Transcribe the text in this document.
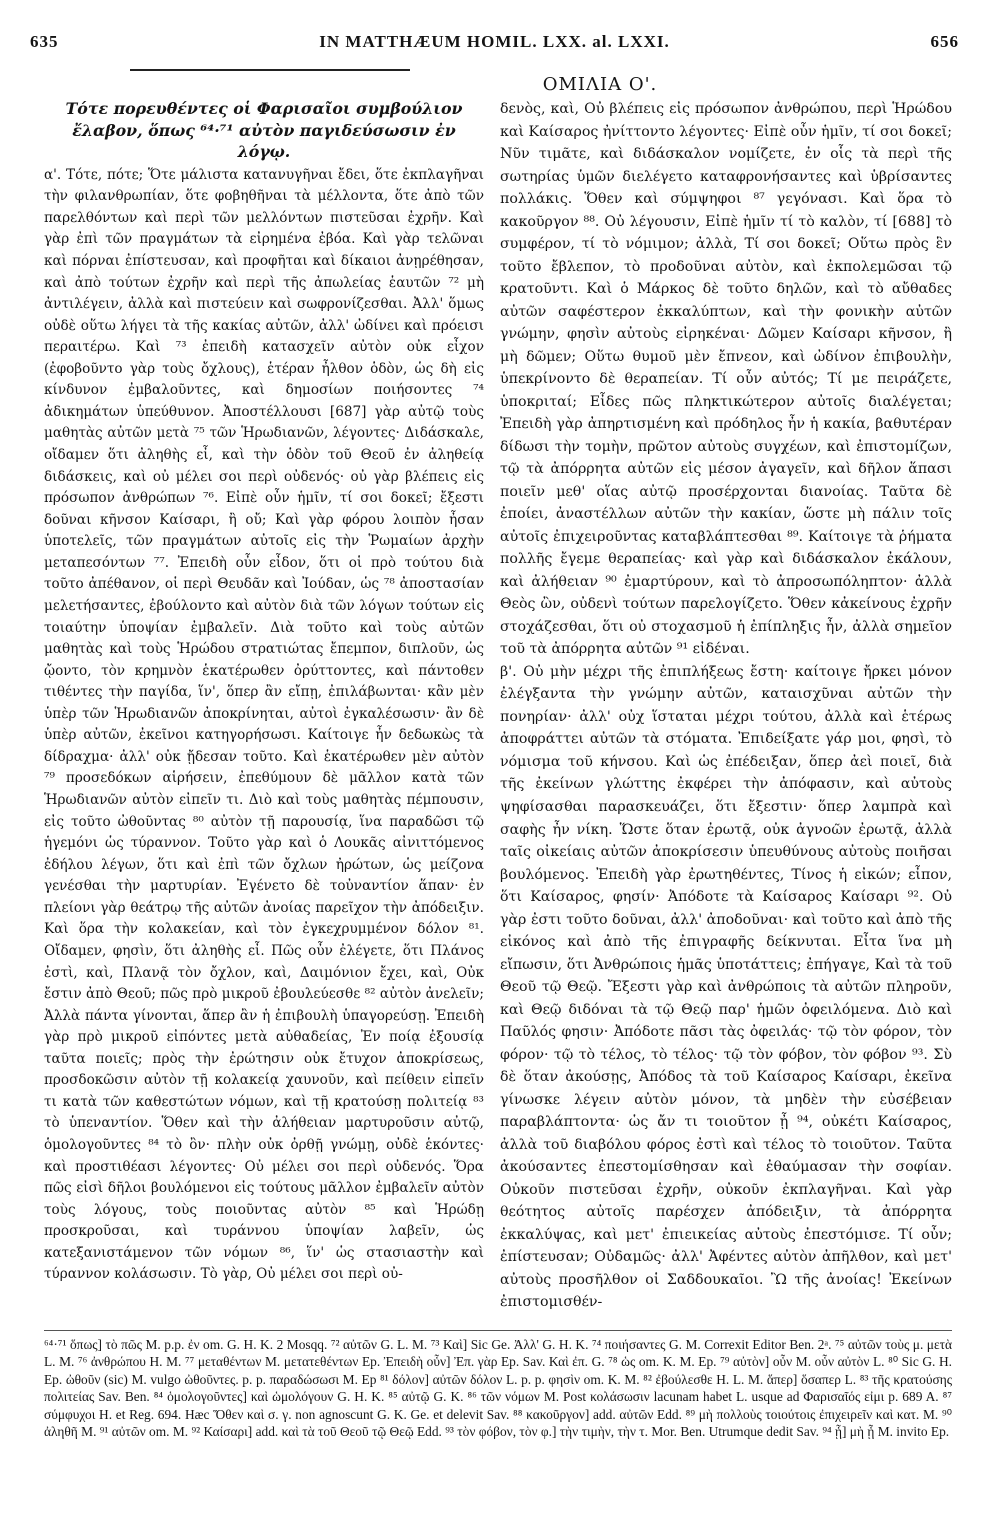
635	IN MATTHÆUM HOMIL. LXX. al. LXXI.	656
ΟΜΙΛΙΑ Ο'.
Τότε πορευθέντες οἱ Φαρισαῖοι συμβούλιον ἔλαβον, ὅπως ⁶⁴·⁷¹ αὐτὸν παγιδεύσωσιν ἐν λόγῳ.

α'. Τότε, πότε; Ὅτε μάλιστα κατανυγῆναι ἔδει, ὅτε ἐκπλαγῆναι τὴν φιλανθρωπίαν, ὅτε φοβηθῆναι τὰ μέλλοντα, ὅτε ἀπὸ τῶν παρελθόντων καὶ περὶ τῶν μελλόντων πιστεῦσαι ἐχρῆν. Καὶ γὰρ ἐπὶ τῶν πραγμάτων τὰ εἰρημένα ἐβόα. Καὶ γὰρ τελῶναι καὶ πόρναι ἐπίστευσαν, καὶ προφῆται καὶ δίκαιοι ἀνῃρέθησαν, καὶ ἀπὸ τούτων ἐχρῆν καὶ περὶ τῆς ἀπωλείας ἑαυτῶν ⁷² μὴ ἀντιλέγειν, ἀλλὰ καὶ πιστεύειν καὶ σωφρονίζεσθαι. Ἀλλ' ὅμως οὐδὲ οὕτω λήγει τὰ τῆς κακίας αὐτῶν, ἀλλ' ὠδίνει καὶ πρόεισι περαιτέρω. Καὶ ⁷³ ἐπειδὴ κατασχεῖν αὐτὸν οὐκ εἶχον (ἐφοβοῦντο γὰρ τοὺς ὄχλους), ἑτέραν ἦλθον ὁδὸν, ὡς δὴ εἰς κίνδυνον ἐμβαλοῦντες, καὶ δημοσίων ποιήσοντες ⁷⁴ ἀδικημάτων ὑπεύθυνον. Ἀποστέλλουσι [687] γὰρ αὐτῷ τοὺς μαθητὰς αὐτῶν μετὰ ⁷⁵ τῶν Ἡρωδιανῶν, λέγοντες· Διδάσκαλε, οἴδαμεν ὅτι ἀληθὴς εἶ, καὶ τὴν ὁδὸν τοῦ Θεοῦ ἐν ἀληθείᾳ διδάσκεις, καὶ οὐ μέλει σοι περὶ οὐδενός· οὐ γὰρ βλέπεις εἰς πρόσωπον ἀνθρώπων ⁷⁶. Εἰπὲ οὖν ἡμῖν, τί σοι δοκεῖ; ἔξεστι δοῦναι κῆνσον Καίσαρι, ἢ οὔ; Καὶ γὰρ φόρου λοιπὸν ἦσαν ὑποτελεῖς, τῶν πραγμάτων αὐτοῖς εἰς τὴν Ῥωμαίων ἀρχὴν μεταπεσόντων ⁷⁷. Ἐπειδὴ οὖν εἶδον, ὅτι οἱ πρὸ τούτου διὰ τοῦτο ἀπέθανον, οἱ περὶ Θευδᾶν καὶ Ἰούδαν, ὡς ⁷⁸ ἀποστασίαν μελετήσαντες, ἐβούλοντο καὶ αὐτὸν διὰ τῶν λόγων τούτων εἰς τοιαύτην ὑποψίαν ἐμβαλεῖν. Διὰ τοῦτο καὶ τοὺς αὐτῶν μαθητὰς καὶ τοὺς Ἡρώδου στρατιώτας ἔπεμπον, διπλοῦν, ὡς ᾤοντο, τὸν κρημνὸν ἑκατέρωθεν ὀρύττοντες, καὶ πάντοθεν τιθέντες τὴν παγίδα, ἵν', ὅπερ ἂν εἴπῃ, ἐπιλάβωνται· κἂν μὲν ὑπὲρ τῶν Ἡρωδιανῶν ἀποκρίνηται, αὐτοὶ ἐγκαλέσωσιν· ἂν δὲ ὑπὲρ αὐτῶν, ἐκεῖνοι κατηγορήσωσι. Καίτοιγε ἦν δεδωκὼς τὰ δίδραχμα· ἀλλ' οὐκ ᾔδεσαν τοῦτο. Καὶ ἑκατέρωθεν μὲν αὐτὸν ⁷⁹ προσεδόκων αἱρήσειν, ἐπεθύμουν δὲ μᾶλλον κατὰ τῶν Ἡρωδιανῶν αὐτὸν εἰπεῖν τι. Διὸ καὶ τοὺς μαθητὰς πέμπουσιν, εἰς τοῦτο ὠθοῦντας ⁸⁰ αὐτὸν τῇ παρουσίᾳ, ἵνα παραδῶσι τῷ ἡγεμόνι ὡς τύραννον. Τοῦτο γὰρ καὶ ὁ Λουκᾶς αἰνιττόμενος ἐδήλου λέγων, ὅτι καὶ ἐπὶ τῶν ὄχλων ἠρώτων, ὡς μείζονα γενέσθαι τὴν μαρτυρίαν. Ἐγένετο δὲ τοὐναντίον ἅπαν· ἐν πλείονι γὰρ θεάτρῳ τῆς αὐτῶν ἀνοίας παρεῖχον τὴν ἀπόδειξιν. Καὶ ὅρα τὴν κολακείαν, καὶ τὸν ἐγκεχρυμμένον δόλον ⁸¹. Οἴδαμεν, φησὶν, ὅτι ἀληθὴς εἶ. Πῶς οὖν ἐλέγετε, ὅτι Πλάνος ἐστὶ, καὶ, Πλανᾷ τὸν ὄχλον, καὶ, Δαιμόνιον ἔχει, καὶ, Οὐκ ἔστιν ἀπὸ Θεοῦ; πῶς πρὸ μικροῦ ἐβουλεύεσθε ⁸² αὐτὸν ἀνελεῖν; Ἀλλὰ πάντα γίνονται, ἅπερ ἂν ἡ ἐπιβουλὴ ὑπαγορεύσῃ. Ἐπειδὴ γὰρ πρὸ μικροῦ εἰπόντες μετὰ αὐθαδείας, Ἐν ποίᾳ ἐξουσίᾳ ταῦτα ποιεῖς; πρὸς τὴν ἐρώτησιν οὐκ ἔτυχον ἀποκρίσεως, προσδοκῶσιν αὐτὸν τῇ κολακείᾳ χαυνοῦν, καὶ πείθειν εἰπεῖν τι κατὰ τῶν καθεστώτων νόμων, καὶ τῇ κρατούσῃ πολιτείᾳ ⁸³ τὸ ὑπεναντίον. Ὅθεν καὶ τὴν ἀλήθειαν μαρτυροῦσιν αὐτῷ, ὁμολογοῦντες ⁸⁴ τὸ ὂν· πλὴν οὐκ ὀρθῇ γνώμῃ, οὐδὲ ἑκόντες· καὶ προστιθέασι λέγοντες· Οὐ μέλει σοι περὶ οὐδενός. Ὅρα πῶς εἰσὶ δῆλοι βουλόμενοι εἰς τούτους μᾶλλον ἐμβαλεῖν αὐτὸν τοὺς λόγους, τοὺς ποιοῦντας αὐτὸν ⁸⁵ καὶ Ἡρώδῃ προσκροῦσαι, καὶ τυράννου ὑποψίαν λαβεῖν, ὡς κατεξανιστάμενον τῶν νόμων ⁸⁶, ἵν' ὡς στασιαστὴν καὶ τύραννον κολάσωσιν. Τὸ γὰρ, Οὐ μέλει σοι περὶ οὐ-

δενὸς, καὶ, Οὐ βλέπεις εἰς πρόσωπον ἀνθρώπου, περὶ Ἡρώδου καὶ Καίσαρος ἠνίττοντο λέγοντες· Εἰπὲ οὖν ἡμῖν, τί σοι δοκεῖ; Νῦν τιμᾶτε, καὶ διδάσκαλον νομίζετε, ἐν οἷς τὰ περὶ τῆς σωτηρίας ὑμῶν διελέγετο καταφρονήσαντες καὶ ὑβρίσαντες πολλάκις. Ὅθεν καὶ σύμψηφοι ⁸⁷ γεγόνασι. Καὶ ὅρα τὸ κακοῦργον ⁸⁸. Οὐ λέγουσιν, Εἰπὲ ἡμῖν τί τὸ καλὸν, τί [688] τὸ συμφέρον, τί τὸ νόμιμον; ἀλλὰ, Τί σοι δοκεῖ; Οὕτω πρὸς ἓν τοῦτο ἔβλεπον, τὸ προδοῦναι αὐτὸν, καὶ ἐκπολεμῶσαι τῷ κρατοῦντι. Καὶ ὁ Μάρκος δὲ τοῦτο δηλῶν, καὶ τὸ αὔθαδες αὐτῶν σαφέστερον ἐκκαλύπτων, καὶ τὴν φονικὴν αὐτῶν γνώμην, φησὶν αὐτοὺς εἰρηκέναι· Δῶμεν Καίσαρι κῆνσον, ἢ μὴ δῶμεν; Οὕτω θυμοῦ μὲν ἔπνεον, καὶ ὠδίνον ἐπιβουλὴν, ὑπεκρίνοντο δὲ θεραπείαν. Τί οὖν αὐτός; Τί με πειράζετε, ὑποκριταί; Εἶδες πῶς πληκτικώτερον αὐτοῖς διαλέγεται; Ἐπειδὴ γὰρ ἀπηρτισμένη καὶ πρόδηλος ἦν ἡ κακία, βαθυτέραν δίδωσι τὴν τομὴν, πρῶτον αὐτοὺς συγχέων, καὶ ἐπιστομίζων, τῷ τὰ ἀπόρρητα αὐτῶν εἰς μέσον ἀγαγεῖν, καὶ δῆλον ἅπασι ποιεῖν μεθ' οἵας αὐτῷ προσέρχονται διανοίας. Ταῦτα δὲ ἐποίει, ἀναστέλλων αὐτῶν τὴν κακίαν, ὥστε μὴ πάλιν τοῖς αὐτοῖς ἐπιχειροῦντας καταβλάπτεσθαι ⁸⁹. Καίτοιγε τὰ ῥήματα πολλῆς ἔγεμε θεραπείας· καὶ γὰρ καὶ διδάσκαλον ἐκάλουν, καὶ ἀλήθειαν ⁹⁰ ἐμαρτύρουν, καὶ τὸ ἀπροσωπόληπτον· ἀλλὰ Θεὸς ὢν, οὐδενὶ τούτων παρελογίζετο. Ὅθεν κἀκείνους ἐχρῆν στοχάζεσθαι, ὅτι οὐ στοχασμοῦ ἡ ἐπίπληξις ἦν, ἀλλὰ σημεῖον τοῦ τὰ ἀπόρρητα αὐτῶν ⁹¹ εἰδέναι.

β'. Οὐ μὴν μέχρι τῆς ἐπιπλήξεως ἔστη· καίτοιγε ἤρκει μόνον ἐλέγξαντα τὴν γνώμην αὐτῶν, καταισχῦναι αὐτῶν τὴν πονηρίαν· ἀλλ' οὐχ ἵσταται μέχρι τούτου, ἀλλὰ καὶ ἑτέρως ἀποφράττει αὐτῶν τὰ στόματα. Ἐπιδείξατε γάρ μοι, φησὶ, τὸ νόμισμα τοῦ κήνσου. Καὶ ὡς ἐπέδειξαν, ὅπερ ἀεὶ ποιεῖ, διὰ τῆς ἐκείνων γλώττης ἐκφέρει τὴν ἀπόφασιν, καὶ αὐτοὺς ψηφίσασθαι παρασκευάζει, ὅτι ἔξεστιν· ὅπερ λαμπρὰ καὶ σαφὴς ἦν νίκη. Ὥστε ὅταν ἐρωτᾷ, οὐκ ἀγνοῶν ἐρωτᾷ, ἀλλὰ ταῖς οἰκείαις αὐτῶν ἀποκρίσεσιν ὑπευθύνους αὐτοὺς ποιῆσαι βουλόμενος. Ἐπειδὴ γὰρ ἐρωτηθέντες, Τίνος ἡ εἰκών; εἶπον, ὅτι Καίσαρος, φησίν· Ἀπόδοτε τὰ Καίσαρος Καίσαρι ⁹². Οὐ γὰρ ἐστι τοῦτο δοῦναι, ἀλλ' ἀποδοῦναι· καὶ τοῦτο καὶ ἀπὸ τῆς εἰκόνος καὶ ἀπὸ τῆς ἐπιγραφῆς δείκνυται. Εἶτα ἵνα μὴ εἴπωσιν, ὅτι Ἀνθρώποις ἡμᾶς ὑποτάττεις; ἐπήγαγε, Καὶ τὰ τοῦ Θεοῦ τῷ Θεῷ. Ἔξεστι γὰρ καὶ ἀνθρώποις τὰ αὐτῶν πληροῦν, καὶ Θεῷ διδόναι τὰ τῷ Θεῷ παρ' ἡμῶν ὀφειλόμενα. Διὸ καὶ Παῦλός φησιν· Ἀπόδοτε πᾶσι τὰς ὀφειλάς· τῷ τὸν φόρον, τὸν φόρον· τῷ τὸ τέλος, τὸ τέλος· τῷ τὸν φόβον, τὸν φόβον ⁹³. Σὺ δὲ ὅταν ἀκούσῃς, Ἀπόδος τὰ τοῦ Καίσαρος Καίσαρι, ἐκεῖνα γίνωσκε λέγειν αὐτὸν μόνον, τὰ μηδὲν τὴν εὐσέβειαν παραβλάπτοντα· ὡς ἄν τι τοιοῦτον ᾖ ⁹⁴, οὐκέτι Καίσαρος, ἀλλὰ τοῦ διαβόλου φόρος ἐστὶ καὶ τέλος τὸ τοιοῦτον. Ταῦτα ἀκούσαντες ἐπεστομίσθησαν καὶ ἐθαύμασαν τὴν σοφίαν. Οὐκοῦν πιστεῦσαι ἐχρῆν, οὐκοῦν ἐκπλαγῆναι. Καὶ γὰρ θεότητος αὐτοῖς παρέσχεν ἀπόδειξιν, τὰ ἀπόρρητα ἐκκαλύψας, καὶ μετ' ἐπιεικείας αὐτοὺς ἐπεστόμισε. Τί οὖν; ἐπίστευσαν; Οὐδαμῶς· ἀλλ' Ἀφέντες αὐτὸν ἀπῆλθον, καὶ μετ' αὐτοὺς προσῆλθον οἱ Σαδδουκαῖοι. Ὢ τῆς ἀνοίας! Ἐκείνων ἐπιστομισθέν-

⁶⁴·⁷¹ ὅπως] τὸ πῶς M. p.p. ἐν om. G. H. K. 2 Mosqq. ⁷² αὐτῶν G. L. M. ⁷³ Καὶ] Sic Ge. Ἀλλ' G. H. K. ⁷⁴ ποιήσαντες G. M. Correxit Editor Ben. 2ᵃ. ⁷⁵ αὐτῶν τοὺς μ. μετὰ L. M. ⁷⁶ ἀνθρώπου H. M. ⁷⁷ μεταθέντων M. μετατεθέντων Ep. Ἐπειδὴ οὖν] Ἐπ. γὰρ Ep. Sav. Καὶ ἐπ. G. ⁷⁸ ὡς om. K. M. Ep. ⁷⁹ αὐτὸν] οὖν M. οὖν αὐτὸν L. ⁸⁰ Sic G. H. Ep. ὠθοῦν (sic) M. vulgo ὠθοῦντες. p. p. παραδώσωσι M. Ep ⁸¹ δόλον] αὐτῶν δόλον L. p. p. φησὶν om. K. M. ⁸² ἐβούλεσθε H. L. M. ἅπερ] ὅσαπερ L. ⁸³ τῆς κρατούσης πολιτείας Sav. Ben. ⁸⁴ ὁμολογοῦντες] καὶ ὡμολόγουν G. H. K. ⁸⁵ αὐτῷ G. K. ⁸⁶ τῶν νόμων M. Post κολάσωσιν lacunam habet L. usque ad Φαρισαῖός εἰμι p. 689 A. ⁸⁷ σύμφυχοι H. et Reg. 694. Hæc Ὅθεν καὶ σ. γ. non agnoscunt G. K. Ge. et delevit Sav. ⁸⁸ κακοῦργον] add. αὐτῶν Edd. ⁸⁹ μὴ πολλοὺς τοιούτοις ἐπιχειρεῖν καὶ κατ. M. ⁹⁰ ἀληθῆ M. ⁹¹ αὐτῶν om. M. ⁹² Καίσαρι] add. καὶ τὰ τοῦ Θεοῦ τῷ Θεῷ Edd. ⁹³ τὸν φόβον, τὸν φ.] τὴν τιμὴν, τὴν τ. Mor. Ben. Utrumque dedit Sav. ⁹⁴ ᾖ] μὴ ᾖ M. invito Ep.
